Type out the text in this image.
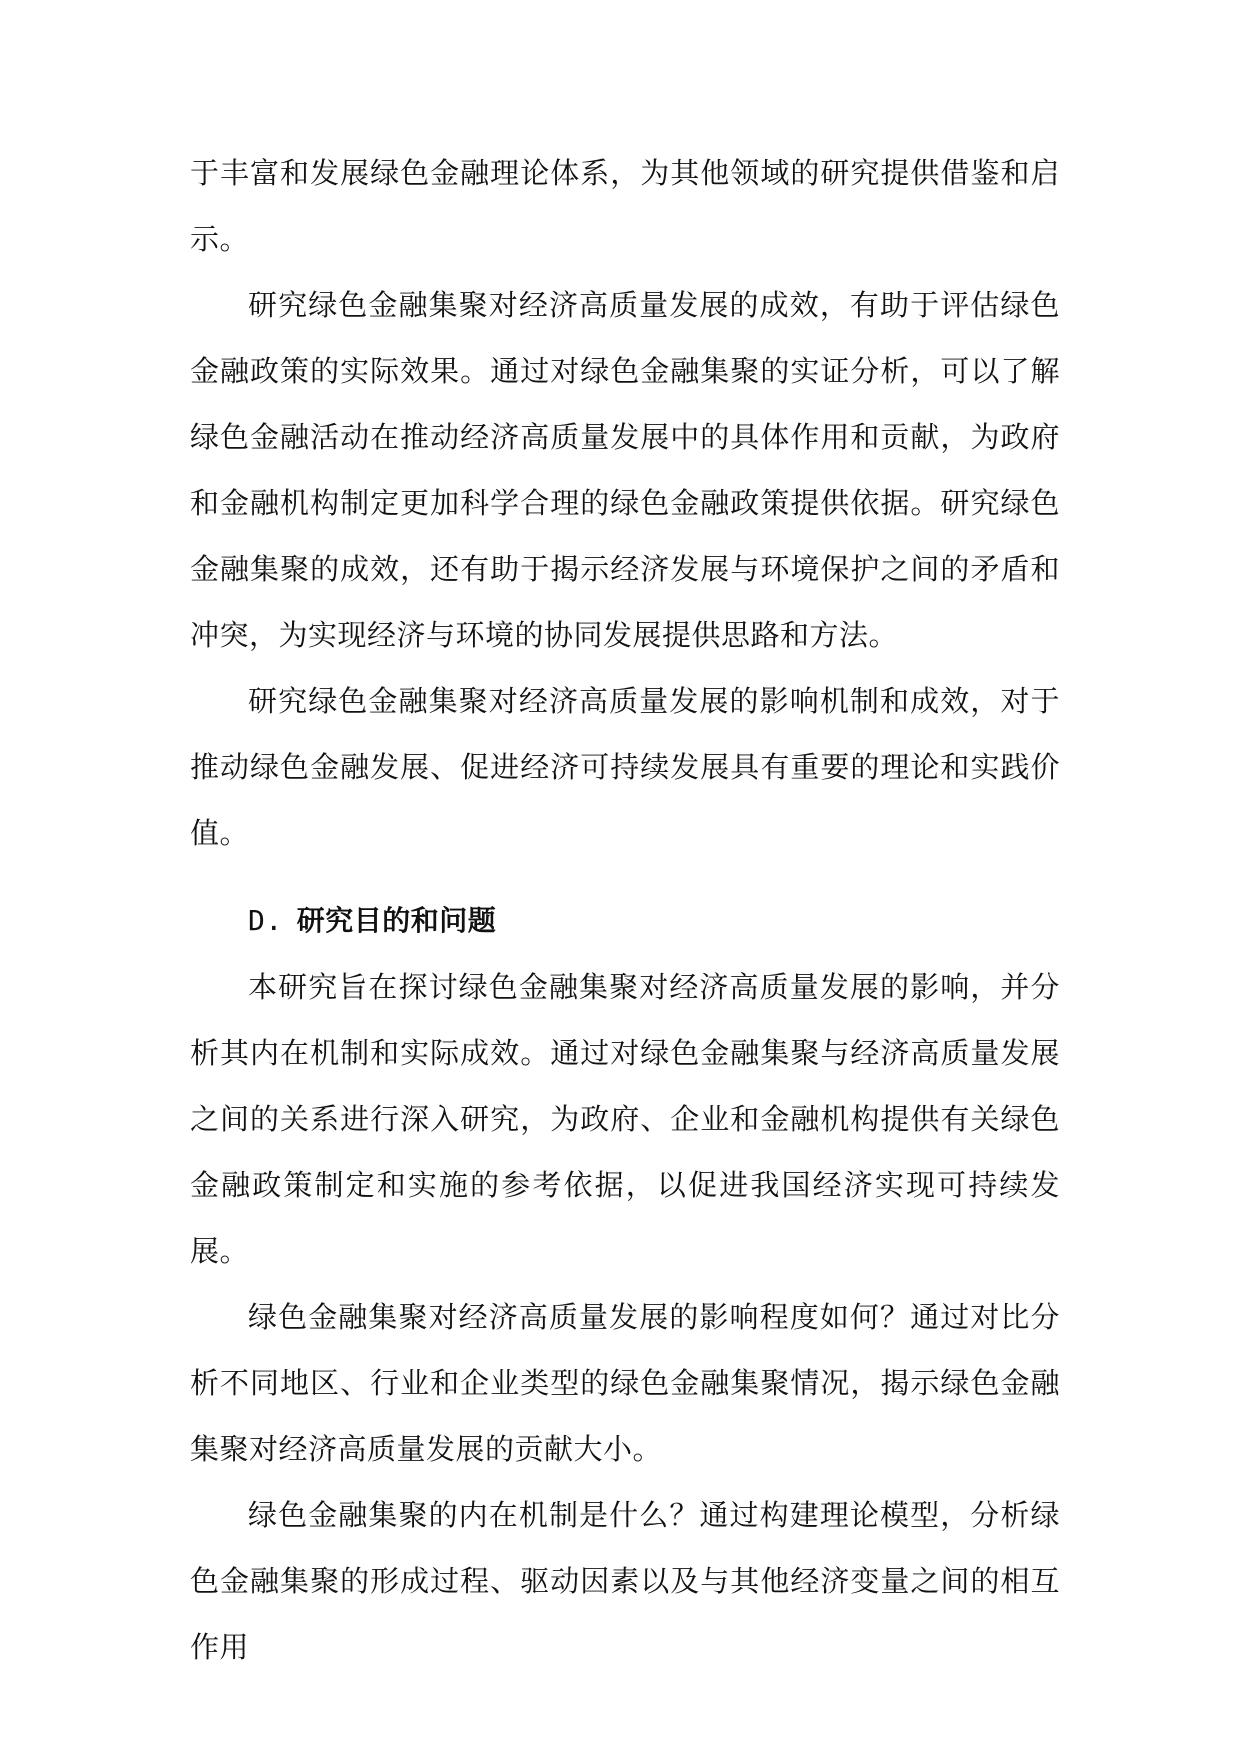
于丰富和发展绿色金融理论体系，为其他领域的研究提供借鉴和启示。

研究绿色金融集聚对经济高质量发展的成效，有助于评估绿色金融政策的实际效果。通过对绿色金融集聚的实证分析，可以了解绿色金融活动在推动经济高质量发展中的具体作用和贡献，为政府和金融机构制定更加科学合理的绿色金融政策提供依据。研究绿色金融集聚的成效，还有助于揭示经济发展与环境保护之间的矛盾和冲突，为实现经济与环境的协同发展提供思路和方法。

研究绿色金融集聚对经济高质量发展的影响机制和成效，对于推动绿色金融发展、促进经济可持续发展具有重要的理论和实践价值。

D. 研究目的和问题

本研究旨在探讨绿色金融集聚对经济高质量发展的影响，并分析其内在机制和实际成效。通过对绿色金融集聚与经济高质量发展之间的关系进行深入研究，为政府、企业和金融机构提供有关绿色金融政策制定和实施的参考依据，以促进我国经济实现可持续发展。

绿色金融集聚对经济高质量发展的影响程度如何？通过对比分析不同地区、行业和企业类型的绿色金融集聚情况，揭示绿色金融集聚对经济高质量发展的贡献大小。

绿色金融集聚的内在机制是什么？通过构建理论模型，分析绿色金融集聚的形成过程、驱动因素以及与其他经济变量之间的相互作用
